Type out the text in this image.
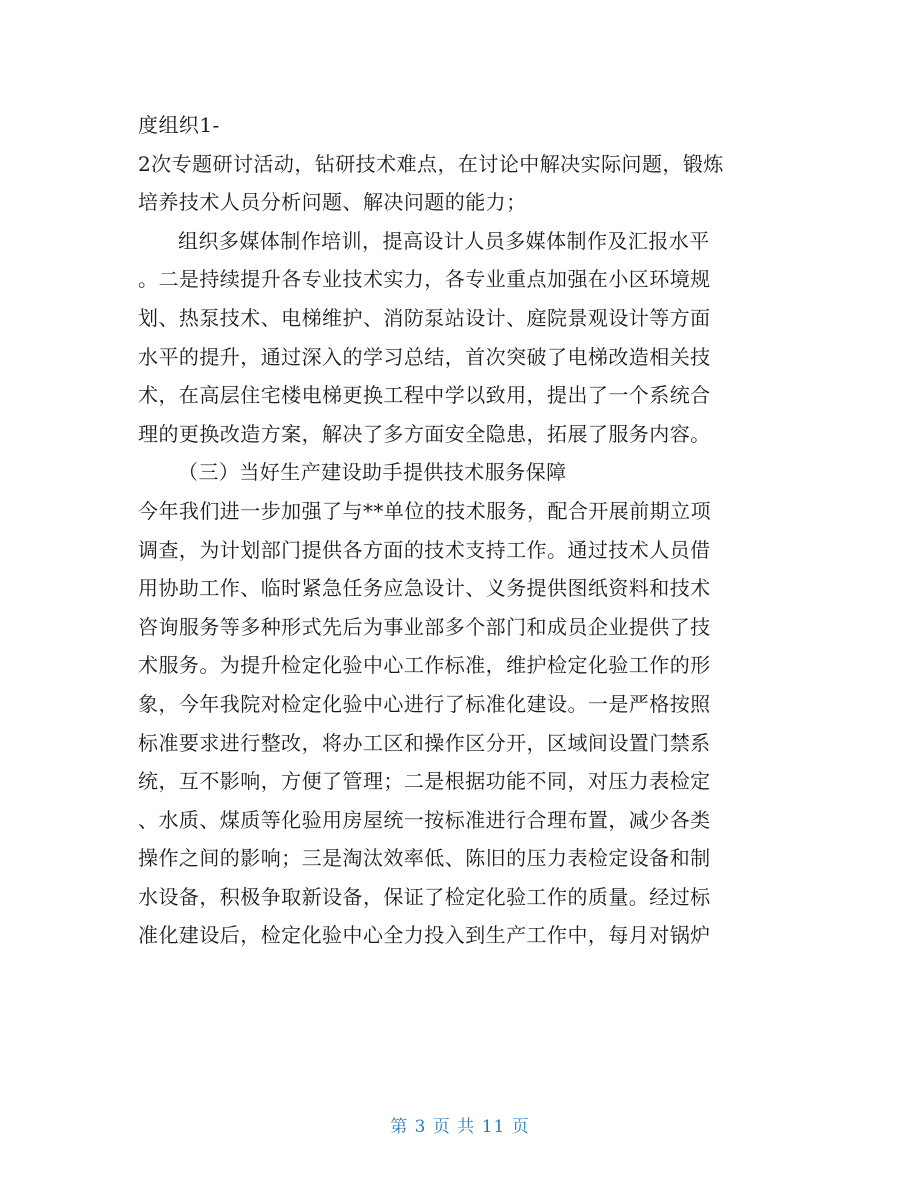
度组织1-
2次专题研讨活动，钻研技术难点，在讨论中解决实际问题，锻炼
培养技术人员分析问题、解决问题的能力；
组织多媒体制作培训，提高设计人员多媒体制作及汇报水平
。二是持续提升各专业技术实力，各专业重点加强在小区环境规
划、热泵技术、电梯维护、消防泵站设计、庭院景观设计等方面
水平的提升，通过深入的学习总结，首次突破了电梯改造相关技
术，在高层住宅楼电梯更换工程中学以致用，提出了一个系统合
理的更换改造方案，解决了多方面安全隐患，拓展了服务内容。
（三）当好生产建设助手提供技术服务保障
今年我们进一步加强了与**单位的技术服务，配合开展前期立项
调查，为计划部门提供各方面的技术支持工作。通过技术人员借
用协助工作、临时紧急任务应急设计、义务提供图纸资料和技术
咨询服务等多种形式先后为事业部多个部门和成员企业提供了技
术服务。为提升检定化验中心工作标准，维护检定化验工作的形
象，今年我院对检定化验中心进行了标准化建设。一是严格按照
标准要求进行整改，将办工区和操作区分开，区域间设置门禁系
统，互不影响，方便了管理；二是根据功能不同，对压力表检定
、水质、煤质等化验用房屋统一按标准进行合理布置，减少各类
操作之间的影响；三是淘汰效率低、陈旧的压力表检定设备和制
水设备，积极争取新设备，保证了检定化验工作的质量。经过标
准化建设后，检定化验中心全力投入到生产工作中，每月对锅炉
第 3 页 共 11 页
